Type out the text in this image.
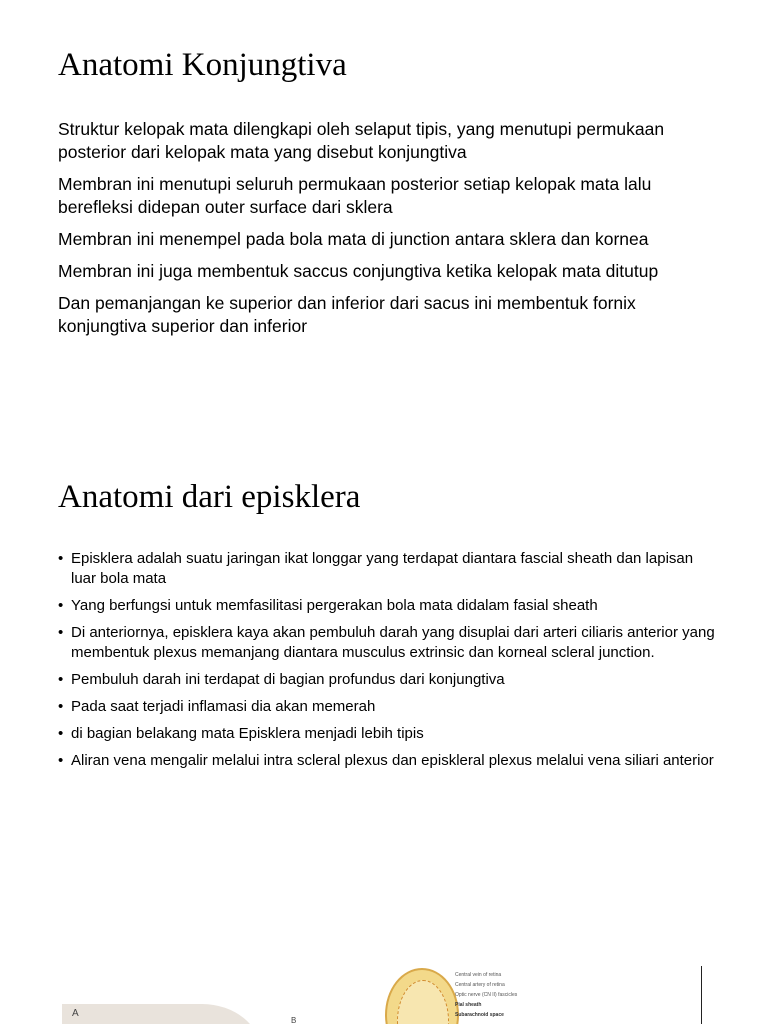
Anatomi Konjungtiva
Struktur kelopak mata dilengkapi oleh selaput tipis, yang menutupi permukaan posterior dari kelopak mata yang disebut konjungtiva
Membran ini menutupi seluruh permukaan posterior setiap kelopak mata lalu berefleksi didepan outer surface dari sklera
Membran ini menempel pada bola mata di junction antara sklera dan kornea
Membran ini juga membentuk saccus conjungtiva ketika kelopak mata ditutup
Dan pemanjangan ke superior dan inferior dari sacus ini membentuk fornix konjungtiva superior dan inferior
Anatomi dari episklera
• Episklera adalah suatu jaringan ikat longgar yang terdapat diantara fascial sheath dan lapisan luar bola mata
• Yang berfungsi untuk memfasilitasi pergerakan bola mata didalam fasial sheath
• Di anteriornya, episklera kaya akan pembuluh darah yang disuplai dari arteri ciliaris anterior yang membentuk plexus memanjang diantara musculus extrinsic dan korneal scleral junction.
• Pembuluh darah ini terdapat di bagian profundus dari konjungtiva
• Pada saat terjadi inflamasi dia akan memerah
• di bagian belakang mata Episklera menjadi lebih tipis
• Aliran vena mengalir melalui intra scleral plexus dan episkleral plexus melalui vena siliari anterior
A
B
Central vein of retina
Central artery of retina
Optic nerve (CN II) fascicles
Pial sheath
Subarachnoid space
